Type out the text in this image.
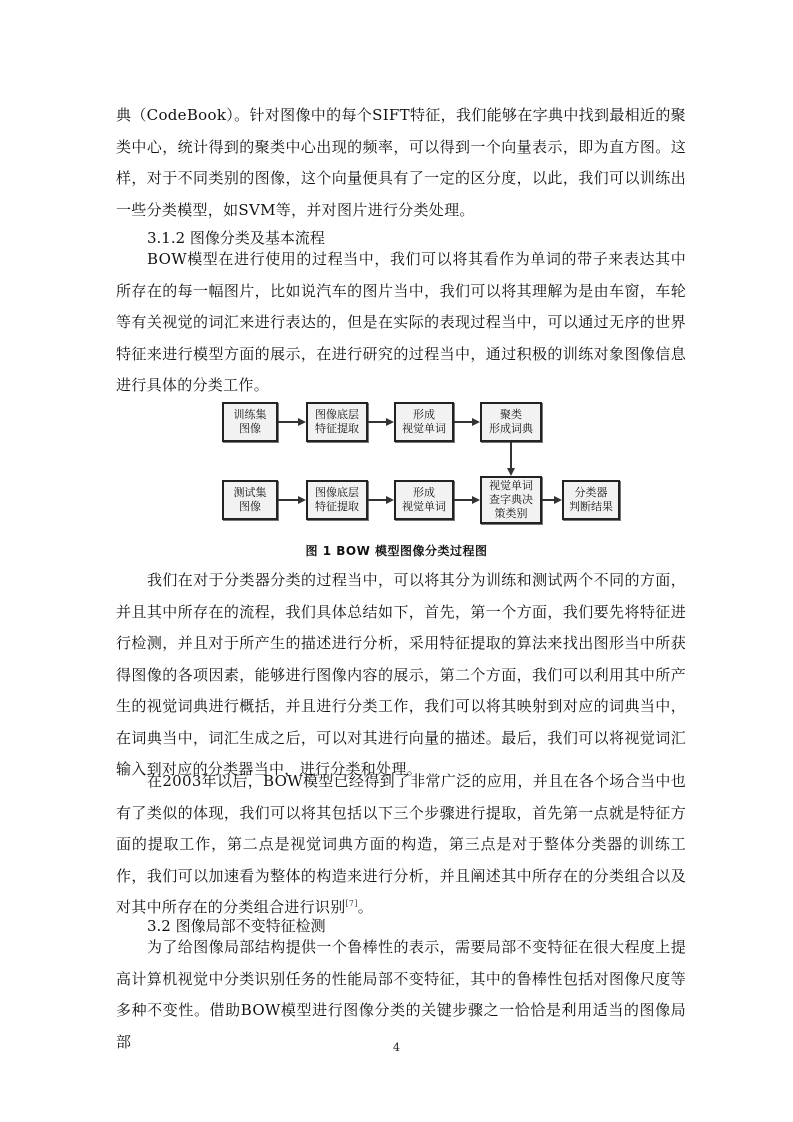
典（CodeBook）。针对图像中的每个SIFT特征，我们能够在字典中找到最相近的聚类中心，统计得到的聚类中心出现的频率，可以得到一个向量表示，即为直方图。这样，对于不同类别的图像，这个向量便具有了一定的区分度，以此，我们可以训练出一些分类模型，如SVM等，并对图片进行分类处理。

3.1.2 图像分类及基本流程

BOW模型在进行使用的过程当中，我们可以将其看作为单词的带子来表达其中所存在的每一幅图片，比如说汽车的图片当中，我们可以将其理解为是由车窗，车轮等有关视觉的词汇来进行表达的，但是在实际的表现过程当中，可以通过无序的世界特征来进行模型方面的展示，在进行研究的过程当中，通过积极的训练对象图像信息进行具体的分类工作。

训练集
图像
图像底层
特征提取
形成
视觉单词
聚类
形成词典
测试集
图像
图像底层
特征提取
形成
视觉单词
视觉单词
查字典决
策类别
分类器
判断结果
图 1 BOW 模型图像分类过程图

我们在对于分类器分类的过程当中，可以将其分为训练和测试两个不同的方面，并且其中所存在的流程，我们具体总结如下，首先，第一个方面，我们要先将特征进行检测，并且对于所产生的描述进行分析，采用特征提取的算法来找出图形当中所获得图像的各项因素，能够进行图像内容的展示，第二个方面，我们可以利用其中所产生的视觉词典进行概括，并且进行分类工作，我们可以将其映射到对应的词典当中，在词典当中，词汇生成之后，可以对其进行向量的描述。最后，我们可以将视觉词汇输入到对应的分类器当中，进行分类和处理。

在2003年以后，BOW模型已经得到了非常广泛的应用，并且在各个场合当中也有了类似的体现，我们可以将其包括以下三个步骤进行提取，首先第一点就是特征方面的提取工作，第二点是视觉词典方面的构造，第三点是对于整体分类器的训练工作，我们可以加速看为整体的构造来进行分析，并且阐述其中所存在的分类组合以及对其中所存在的分类组合进行识别[7]。

3.2 图像局部不变特征检测

为了给图像局部结构提供一个鲁棒性的表示，需要局部不变特征在很大程度上提高计算机视觉中分类识别任务的性能局部不变特征，其中的鲁棒性包括对图像尺度等多种不变性。借助BOW模型进行图像分类的关键步骤之一恰恰是利用适当的图像局部	4
